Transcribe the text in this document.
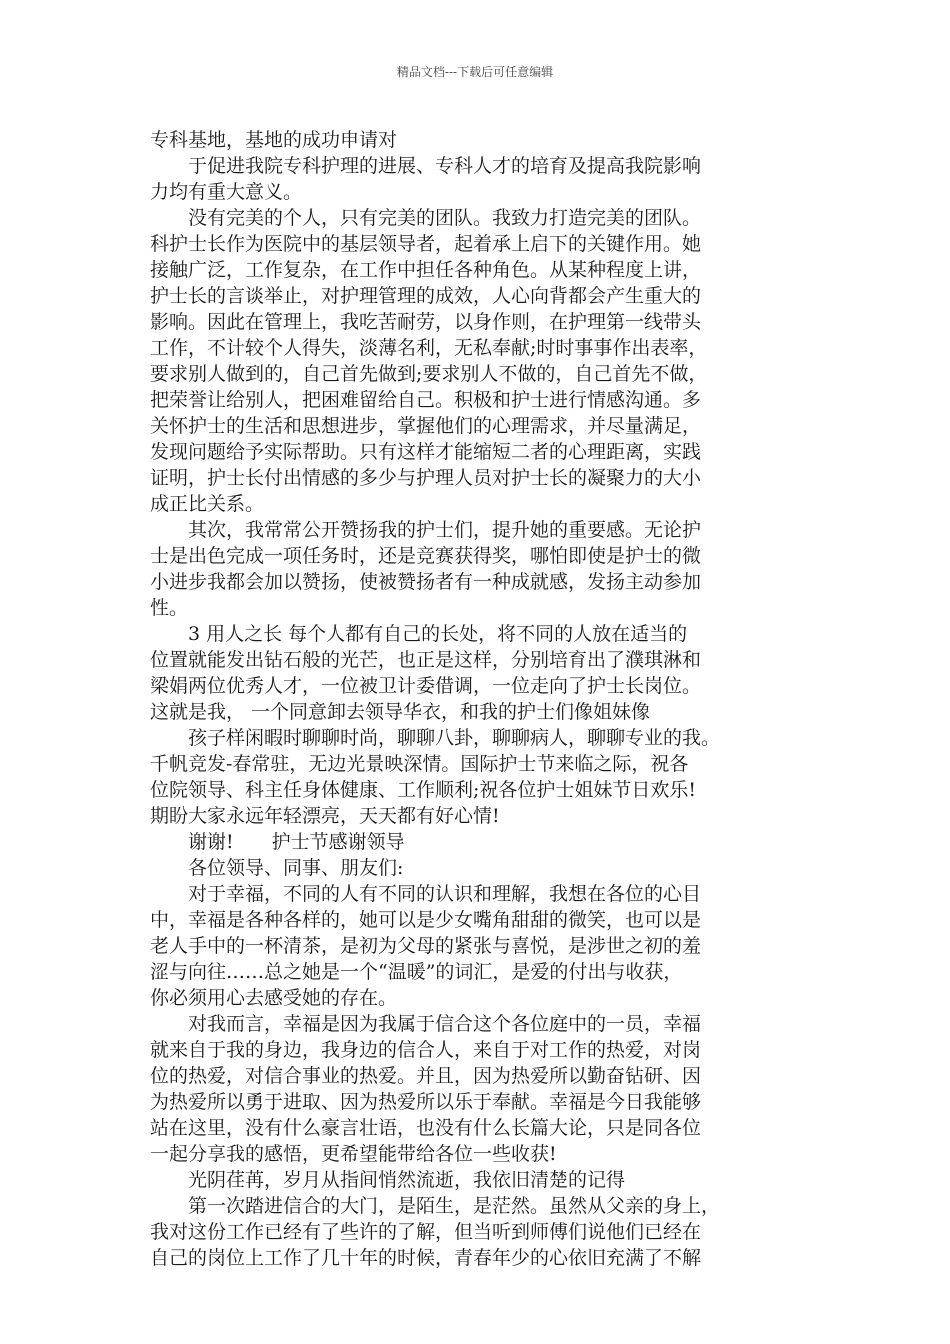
精品文档---下载后可任意编辑
专科基地，基地的成功申请对
　　于促进我院专科护理的进展、专科人才的培育及提高我院影响
力均有重大意义。
　　没有完美的个人，只有完美的团队。我致力打造完美的团队。
科护士长作为医院中的基层领导者，起着承上启下的关键作用。她
接触广泛，工作复杂，在工作中担任各种角色。从某种程度上讲，
护士长的言谈举止，对护理管理的成效，人心向背都会产生重大的
影响。因此在管理上，我吃苦耐劳，以身作则，在护理第一线带头
工作，不计较个人得失，淡薄名利，无私奉献;时时事事作出表率，
要求别人做到的，自己首先做到;要求别人不做的，自己首先不做，
把荣誉让给别人，把困难留给自己。积极和护士进行情感沟通。多
关怀护士的生活和思想进步，掌握他们的心理需求，并尽量满足，
发现问题给予实际帮助。只有这样才能缩短二者的心理距离，实践
证明，护士长付出情感的多少与护理人员对护士长的凝聚力的大小
成正比关系。
　　其次，我常常公开赞扬我的护士们，提升她的重要感。无论护
士是出色完成一项任务时，还是竞赛获得奖，哪怕即使是护士的微
小进步我都会加以赞扬，使被赞扬者有一种成就感，发扬主动参加
性。
　　3 用人之长 每个人都有自己的长处，将不同的人放在适当的
位置就能发出钻石般的光芒，也正是这样，分别培育出了濮琪淋和
梁娟两位优秀人才，一位被卫计委借调，一位走向了护士长岗位。
这就是我， 一个同意卸去领导华衣，和我的护士们像姐妹像
　　孩子样闲暇时聊聊时尚，聊聊八卦，聊聊病人，聊聊专业的我。
千帆竞发-春常驻，无边光景映深情。国际护士节来临之际，祝各
位院领导、科主任身体健康、工作顺利;祝各位护士姐妹节日欢乐!
期盼大家永远年轻漂亮，天天都有好心情!
　　谢谢!　　护士节感谢领导
　　各位领导、同事、朋友们:
　　对于幸福，不同的人有不同的认识和理解，我想在各位的心目
中，幸福是各种各样的，她可以是少女嘴角甜甜的微笑，也可以是
老人手中的一杯清茶，是初为父母的紧张与喜悦，是涉世之初的羞
涩与向往……总之她是一个“温暖”的词汇，是爱的付出与收获，
你必须用心去感受她的存在。
　　对我而言，幸福是因为我属于信合这个各位庭中的一员，幸福
就来自于我的身边，我身边的信合人，来自于对工作的热爱，对岗
位的热爱，对信合事业的热爱。并且，因为热爱所以勤奋钻研、因
为热爱所以勇于进取、因为热爱所以乐于奉献。幸福是今日我能够
站在这里，没有什么豪言壮语，也没有什么长篇大论，只是同各位
一起分享我的感悟，更希望能带给各位一些收获!
　　光阴荏苒，岁月从指间悄然流逝，我依旧清楚的记得
　　第一次踏进信合的大门，是陌生，是茫然。虽然从父亲的身上，
我对这份工作已经有了些许的了解，但当听到师傅们说他们已经在
自己的岗位上工作了几十年的时候，青春年少的心依旧充满了不解
